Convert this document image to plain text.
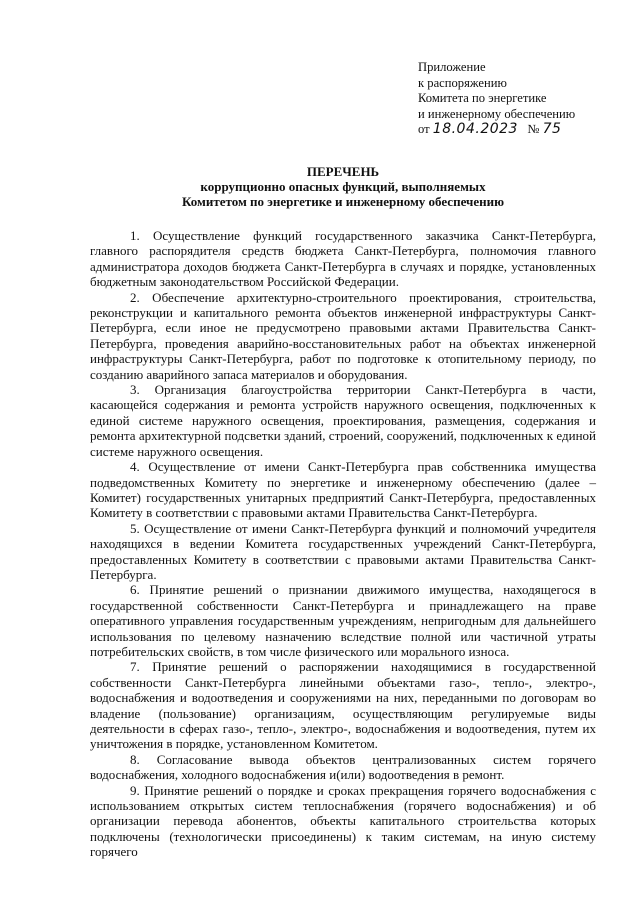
Приложение
к распоряжению
Комитета по энергетике
и инженерному обеспечению
от 18.04.2023 № 75
ПЕРЕЧЕНЬ
коррупционно опасных функций, выполняемых
Комитетом по энергетике и инженерному обеспечению

1. Осуществление функций государственного заказчика Санкт-Петербурга, главного распорядителя средств бюджета Санкт-Петербурга, полномочия главного администратора доходов бюджета Санкт-Петербурга в случаях и порядке, установленных бюджетным законодательством Российской Федерации.

2. Обеспечение архитектурно-строительного проектирования, строительства, реконструкции и капитального ремонта объектов инженерной инфраструктуры Санкт-Петербурга, если иное не предусмотрено правовыми актами Правительства Санкт-Петербурга, проведения аварийно-восстановительных работ на объектах инженерной инфраструктуры Санкт-Петербурга, работ по подготовке к отопительному периоду, по созданию аварийного запаса материалов и оборудования.

3. Организация благоустройства территории Санкт-Петербурга в части, касающейся содержания и ремонта устройств наружного освещения, подключенных к единой системе наружного освещения, проектирования, размещения, содержания и ремонта архитектурной подсветки зданий, строений, сооружений, подключенных к единой системе наружного освещения.

4. Осуществление от имени Санкт-Петербурга прав собственника имущества подведомственных Комитету по энергетике и инженерному обеспечению (далее – Комитет) государственных унитарных предприятий Санкт-Петербурга, предоставленных Комитету в соответствии с правовыми актами Правительства Санкт-Петербурга.

5. Осуществление от имени Санкт-Петербурга функций и полномочий учредителя находящихся в ведении Комитета государственных учреждений Санкт-Петербурга, предоставленных Комитету в соответствии с правовыми актами Правительства Санкт-Петербурга.

6. Принятие решений о признании движимого имущества, находящегося в государственной собственности Санкт-Петербурга и принадлежащего на праве оперативного управления государственным учреждениям, непригодным для дальнейшего использования по целевому назначению вследствие полной или частичной утраты потребительских свойств, в том числе физического или морального износа.

7. Принятие решений о распоряжении находящимися в государственной собственности Санкт-Петербурга линейными объектами газо-, тепло-, электро-, водоснабжения и водоотведения и сооружениями на них, переданными по договорам во владение (пользование) организациям, осуществляющим регулируемые виды деятельности в сферах газо-, тепло-, электро-, водоснабжения и водоотведения, путем их уничтожения в порядке, установленном Комитетом.

8. Согласование вывода объектов централизованных систем горячего водоснабжения, холодного водоснабжения и(или) водоотведения в ремонт.

9. Принятие решений о порядке и сроках прекращения горячего водоснабжения с использованием открытых систем теплоснабжения (горячего водоснабжения) и об организации перевода абонентов, объекты капитального строительства которых подключены (технологически присоединены) к таким системам, на иную систему горячего
